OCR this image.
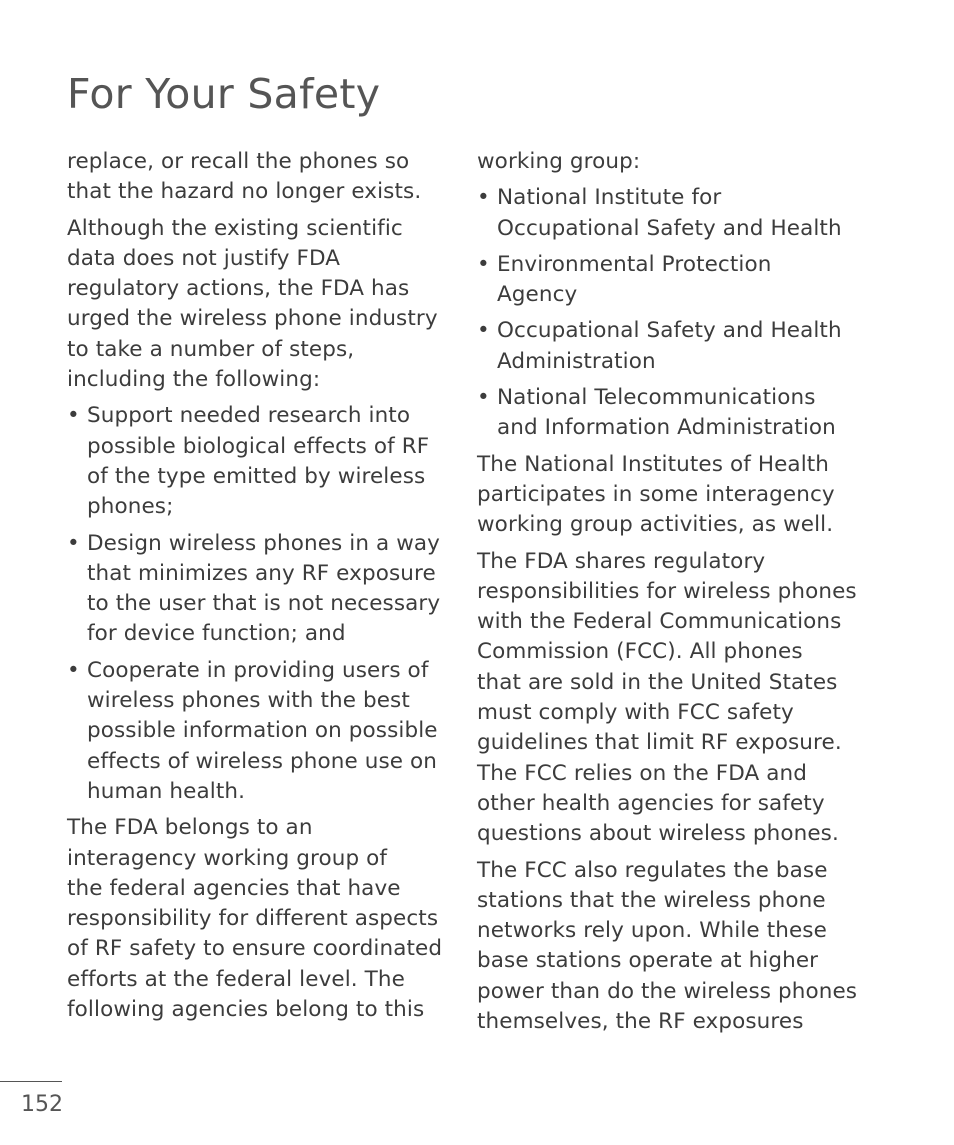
For Your Safety

replace, or recall the phones so
that the hazard no longer exists.

Although the existing scientific
data does not justify FDA
regulatory actions, the FDA has
urged the wireless phone industry
to take a number of steps,
including the following:

• Support needed research into
possible biological effects of RF
of the type emitted by wireless
phones;
• Design wireless phones in a way
that minimizes any RF exposure
to the user that is not necessary
for device function; and
• Cooperate in providing users of
wireless phones with the best
possible information on possible
effects of wireless phone use on
human health.

The FDA belongs to an
interagency working group of
the federal agencies that have
responsibility for different aspects
of RF safety to ensure coordinated
efforts at the federal level. The
following agencies belong to this

working group:

• National Institute for
Occupational Safety and Health
• Environmental Protection
Agency
• Occupational Safety and Health
Administration
• National Telecommunications
and Information Administration

The National Institutes of Health
participates in some interagency
working group activities, as well.

The FDA shares regulatory
responsibilities for wireless phones
with the Federal Communications
Commission (FCC). All phones
that are sold in the United States
must comply with FCC safety
guidelines that limit RF exposure.
The FCC relies on the FDA and
other health agencies for safety
questions about wireless phones.

The FCC also regulates the base
stations that the wireless phone
networks rely upon. While these
base stations operate at higher
power than do the wireless phones
themselves, the RF exposures

152
